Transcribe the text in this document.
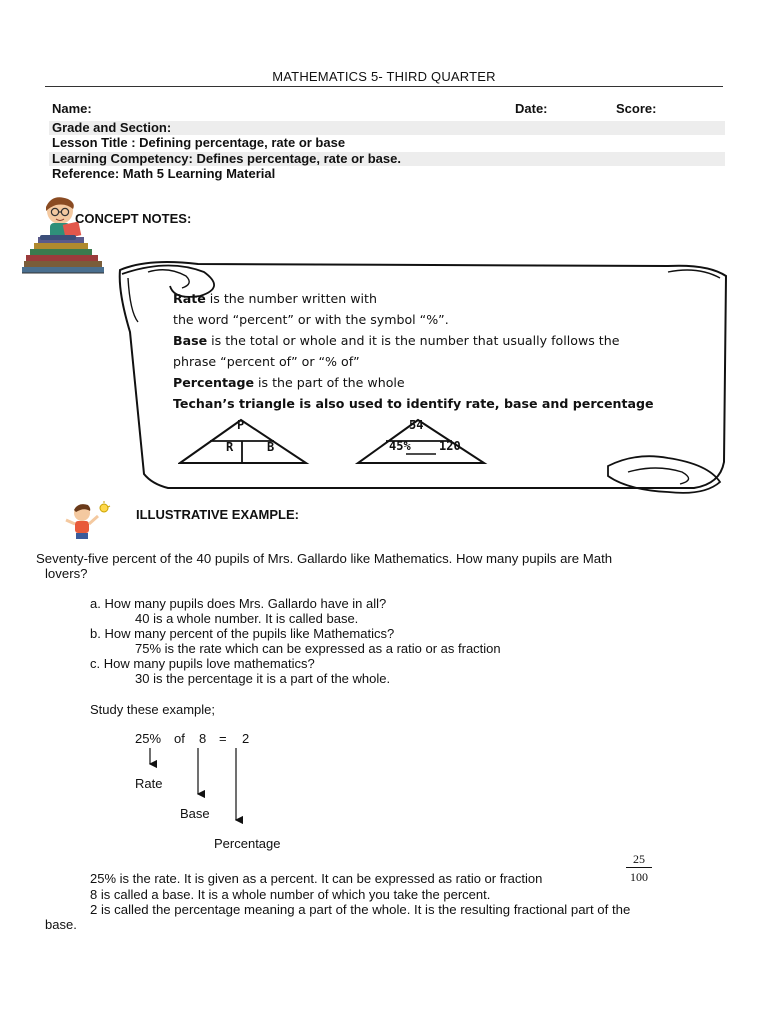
MATHEMATICS 5- THIRD QUARTER
Name:	Date:	Score:
Grade and Section:
Lesson Title : Defining percentage, rate or base
Learning Competency: Defines percentage, rate or base.
Reference: Math 5 Learning Material
CONCEPT NOTES:
Rate is the number written with
the word “percent” or with the symbol “%”.
Base is the total or whole and it is the number that usually follows the
phrase “percent of” or “% of”
Percentage is the part of the whole
Techan’s triangle is also used to identify rate, base and percentage
P
R	B
54
45% 120
ILLUSTRATIVE EXAMPLE:
Seventy-five percent of the 40 pupils of Mrs. Gallardo like Mathematics. How many pupils are Math
lovers?
a. How many pupils does Mrs. Gallardo have in all?
40 is a whole number. It is called base.
b. How many percent of the pupils like Mathematics?
75% is the rate which can be expressed as a ratio or as fraction
c. How many pupils love mathematics?
30 is the percentage it is a part of the whole.
Study these example;
25% of 8 = 2
Rate
Base
Percentage
25% is the rate. It is given as a percent. It can be expressed as ratio or fraction	$\frac{25}{100}$
8 is called a base. It is a whole number of which you take the percent.
2 is called the percentage meaning a part of the whole. It is the resulting fractional part of the
base.
